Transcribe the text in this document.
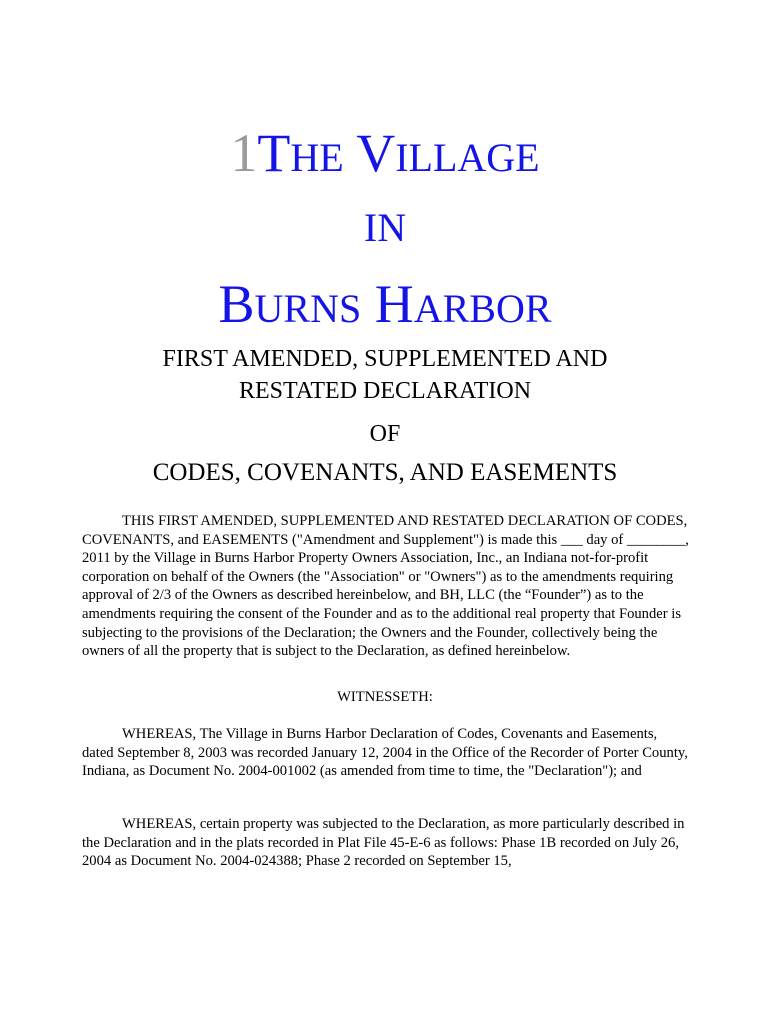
1THE VILLAGE
IN
BURNS HARBOR
FIRST AMENDED, SUPPLEMENTED AND
RESTATED DECLARATION
OF
CODES, COVENANTS, AND EASEMENTS
THIS FIRST AMENDED, SUPPLEMENTED AND RESTATED DECLARATION OF CODES, COVENANTS, and EASEMENTS ("Amendment and Supplement") is made this ___ day of ________, 2011 by the Village in Burns Harbor Property Owners Association, Inc., an Indiana not-for-profit corporation on behalf of the Owners (the "Association" or "Owners") as to the amendments requiring approval of 2/3 of the Owners as described hereinbelow, and BH, LLC (the “Founder”) as to the amendments requiring the consent of the Founder and as to the additional real property that Founder is subjecting to the provisions of the Declaration; the Owners and the Founder, collectively being the owners of all the property that is subject to the Declaration, as defined hereinbelow.
WITNESSETH:
WHEREAS, The Village in Burns Harbor Declaration of Codes, Covenants and Easements, dated September 8, 2003 was recorded January 12, 2004 in the Office of the Recorder of Porter County, Indiana, as Document No. 2004-001002 (as amended from time to time, the "Declaration"); and
WHEREAS, certain property was subjected to the Declaration, as more particularly described in the Declaration and in the plats recorded in Plat File 45-E-6 as follows: Phase 1B recorded on July 26, 2004 as Document No. 2004-024388; Phase 2 recorded on September 15,
